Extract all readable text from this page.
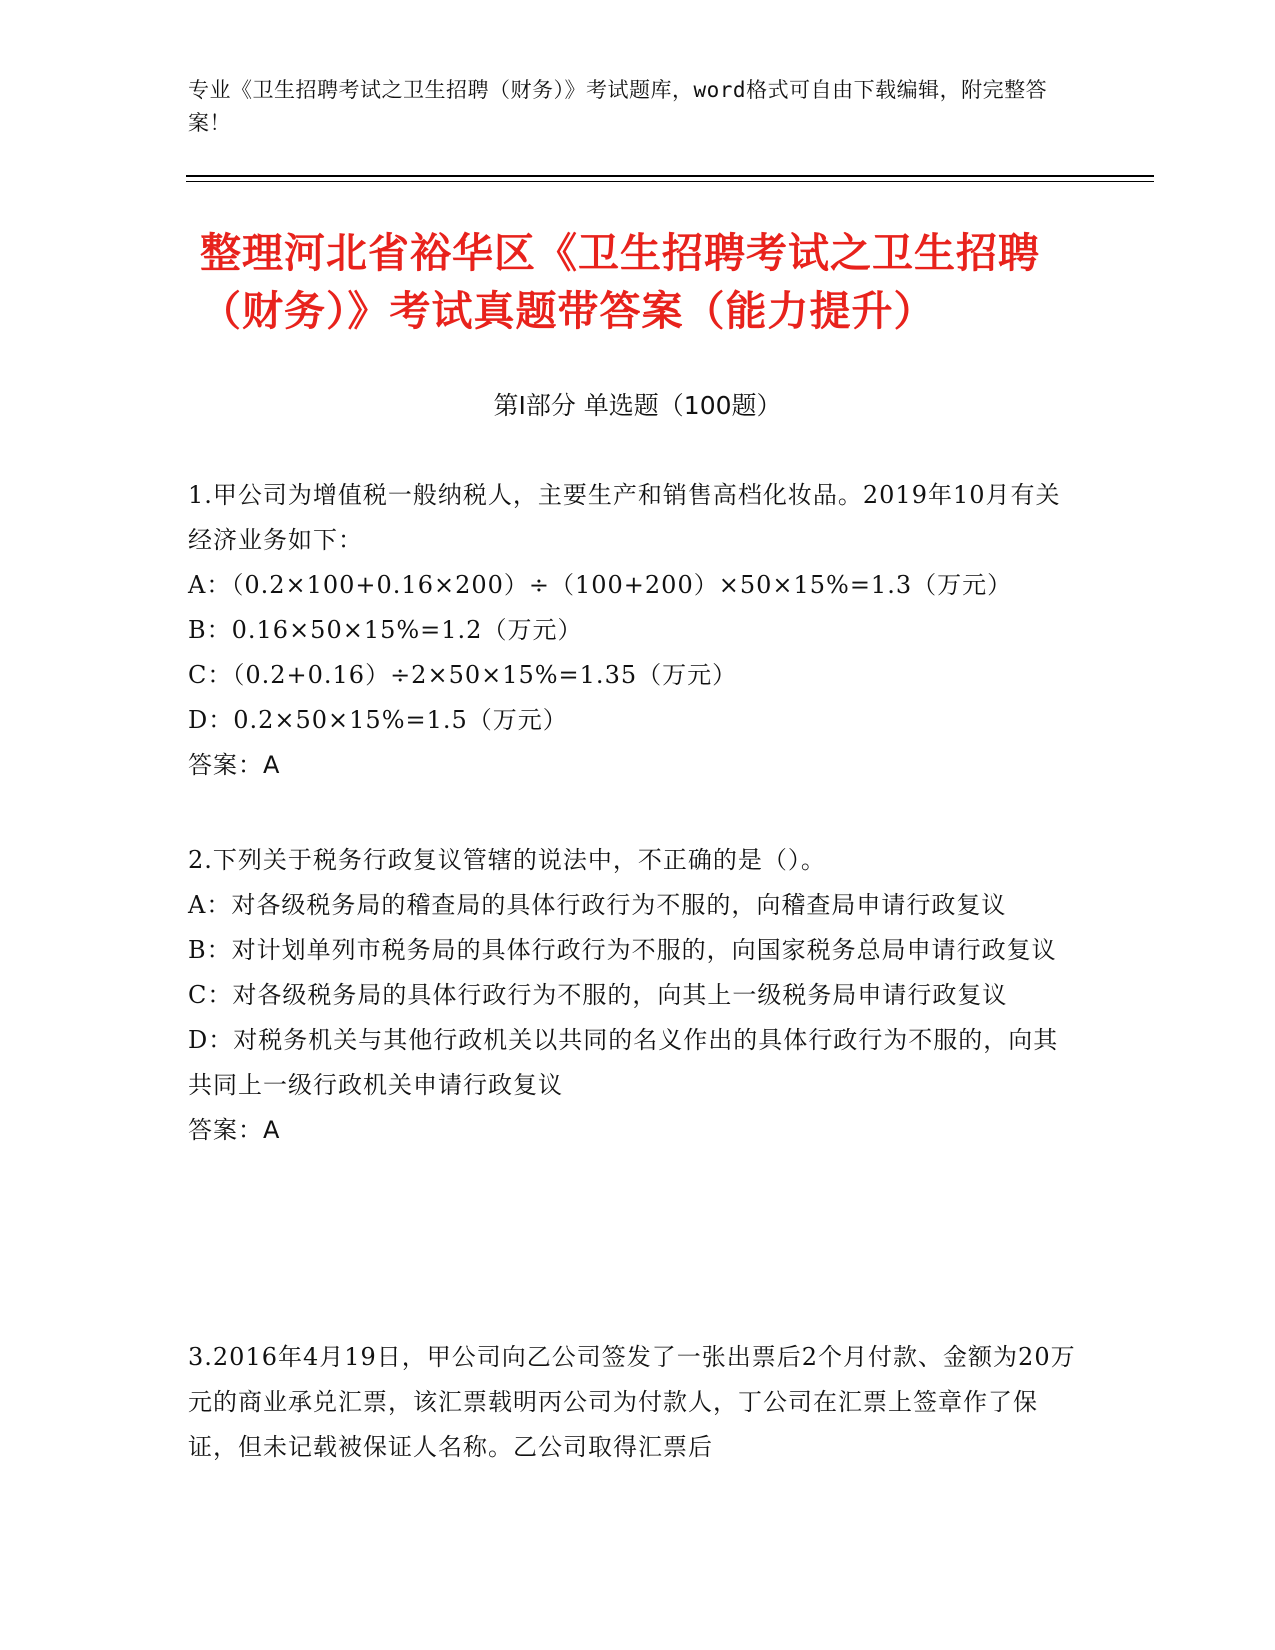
专业《卫生招聘考试之卫生招聘（财务）》考试题库，word格式可自由下载编辑，附完整答案！
整理河北省裕华区《卫生招聘考试之卫生招聘（财务）》考试真题带答案（能力提升）
第Ⅰ部分 单选题（100题）

1.甲公司为增值税一般纳税人，主要生产和销售高档化妆品。2019年10月有关经济业务如下：

A：（0.2×100+0.16×200）÷（100+200）×50×15%=1.3（万元）

B：0.16×50×15%=1.2（万元）

C：（0.2+0.16）÷2×50×15%=1.35（万元）

D：0.2×50×15%=1.5（万元）

答案：A

2.下列关于税务行政复议管辖的说法中，不正确的是（）。

A：对各级税务局的稽查局的具体行政行为不服的，向稽查局申请行政复议

B：对计划单列市税务局的具体行政行为不服的，向国家税务总局申请行政复议

C：对各级税务局的具体行政行为不服的，向其上一级税务局申请行政复议

D：对税务机关与其他行政机关以共同的名义作出的具体行政行为不服的，向其共同上一级行政机关申请行政复议

答案：A

3.2016年4月19日，甲公司向乙公司签发了一张出票后2个月付款、金额为20万元的商业承兑汇票，该汇票载明丙公司为付款人，丁公司在汇票上签章作了保证，但未记载被保证人名称。乙公司取得汇票后
